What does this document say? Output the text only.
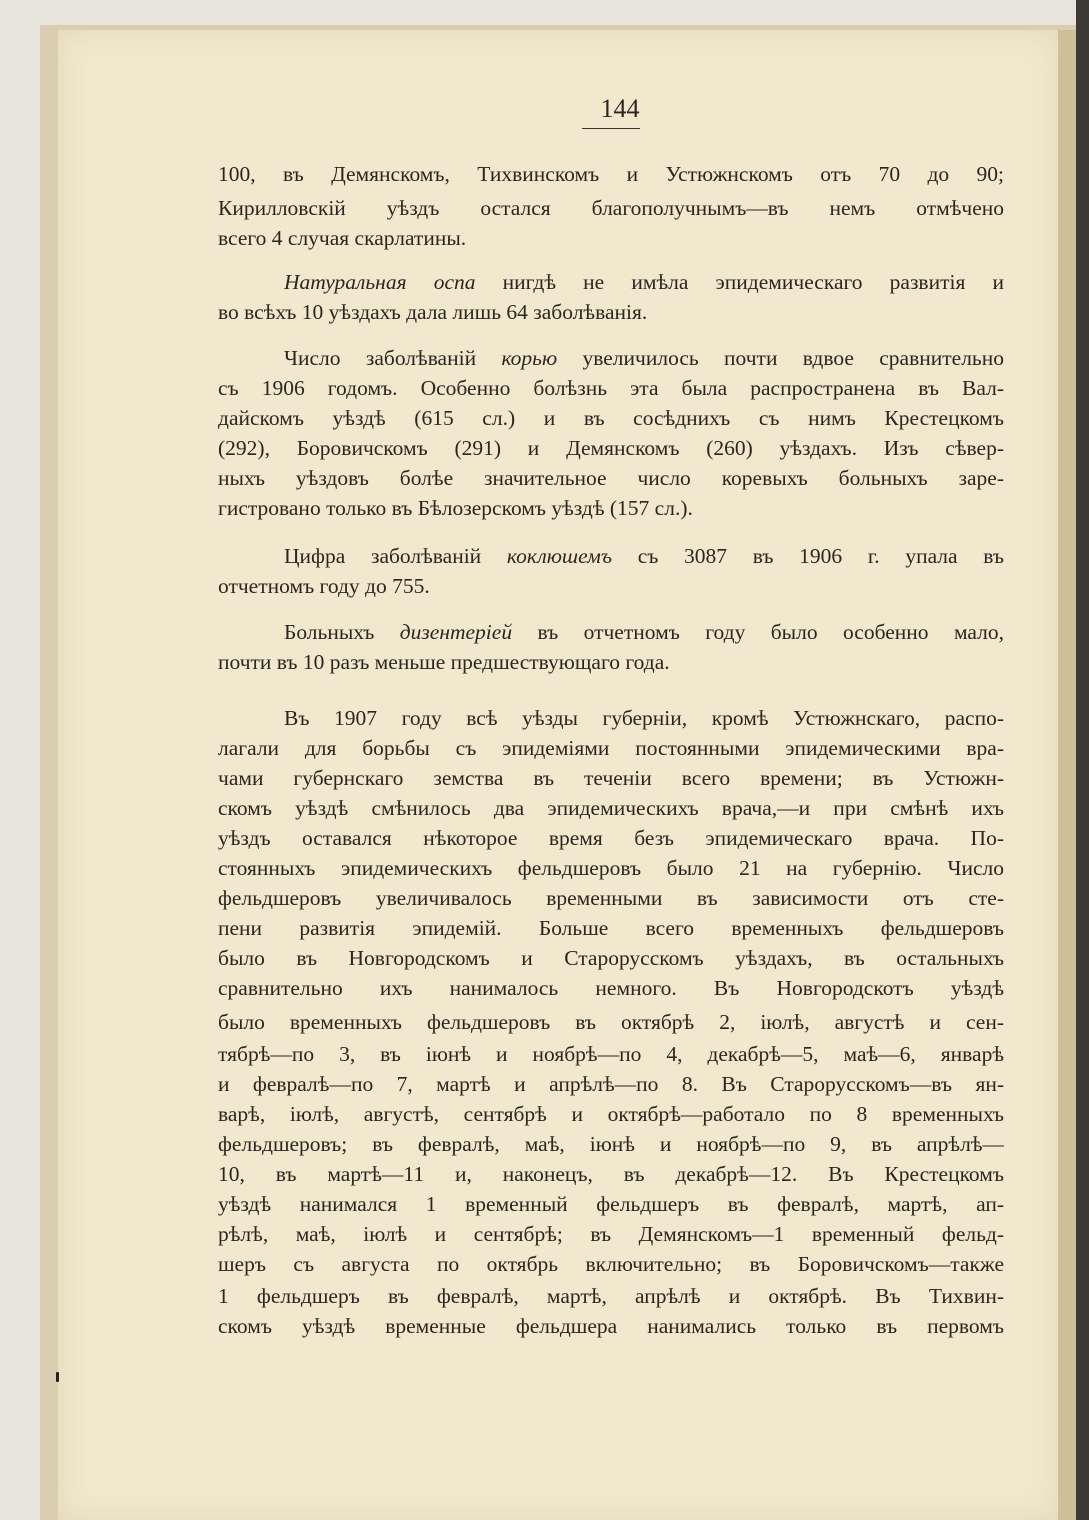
144
100, въ Демянскомъ, Тихвинскомъ и Устюжнскомъ отъ 70 до 90;
Кирилловскій уѣздъ остался благополучнымъ—въ немъ отмѣчено
всего 4 случая скарлатины.
Натуральная оспа нигдѣ не имѣла эпидемическаго развитія и
во всѣхъ 10 уѣздахъ дала лишь 64 заболѣванія.
Число заболѣваній корью увеличилось почти вдвое сравнительно
съ 1906 годомъ. Особенно болѣзнь эта была распространена въ Вал-
дайскомъ уѣздѣ (615 сл.) и въ сосѣднихъ съ нимъ Крестецкомъ
(292), Боровичскомъ (291) и Демянскомъ (260) уѣздахъ. Изъ сѣвер-
ныхъ уѣздовъ болѣе значительное число коревыхъ больныхъ заре-
гистровано только въ Бѣлозерскомъ уѣздѣ (157 сл.).
Цифра заболѣваній коклюшемъ съ 3087 въ 1906 г. упала въ
отчетномъ году до 755.
Больныхъ дизентеріей въ отчетномъ году было особенно мало,
почти въ 10 разъ меньше предшествующаго года.
Въ 1907 году всѣ уѣзды губерніи, кромѣ Устюжнскаго, распо-
лагали для борьбы съ эпидеміями постоянными эпидемическими вра-
чами губернскаго земства въ теченіи всего времени; въ Устюжн-
скомъ уѣздѣ смѣнилось два эпидемическихъ врача,—и при смѣнѣ ихъ
уѣздъ оставался нѣкоторое время безъ эпидемическаго врача. По-
стоянныхъ эпидемическихъ фельдшеровъ было 21 на губернію. Число
фельдшеровъ увеличивалось временными въ зависимости отъ сте-
пени развитія эпидемій. Больше всего временныхъ фельдшеровъ
было въ Новгородскомъ и Старорусскомъ уѣздахъ, въ остальныхъ
сравнительно ихъ нанималось немного. Въ Новгородскотъ уѣздѣ
было временныхъ фельдшеровъ въ октябрѣ 2, іюлѣ, августѣ и сен-
тябрѣ—по 3, въ іюнѣ и ноябрѣ—по 4, декабрѣ—5, маѣ—6, январѣ
и февралѣ—по 7, мартѣ и апрѣлѣ—по 8. Въ Старорусскомъ—въ ян-
варѣ, іюлѣ, августѣ, сентябрѣ и октябрѣ—работало по 8 временныхъ
фельдшеровъ; въ февралѣ, маѣ, іюнѣ и ноябрѣ—по 9, въ апрѣлѣ—
10, въ мартѣ—11 и, наконецъ, въ декабрѣ—12. Въ Крестецкомъ
уѣздѣ нанимался 1 временный фельдшеръ въ февралѣ, мартѣ, ап-
рѣлѣ, маѣ, іюлѣ и сентябрѣ; въ Демянскомъ—1 временный фельд-
шеръ съ августа по октябрь включительно; въ Боровичскомъ—также
1 фельдшеръ въ февралѣ, мартѣ, апрѣлѣ и октябрѣ. Въ Тихвин-
скомъ уѣздѣ временные фельдшера нанимались только въ первомъ
